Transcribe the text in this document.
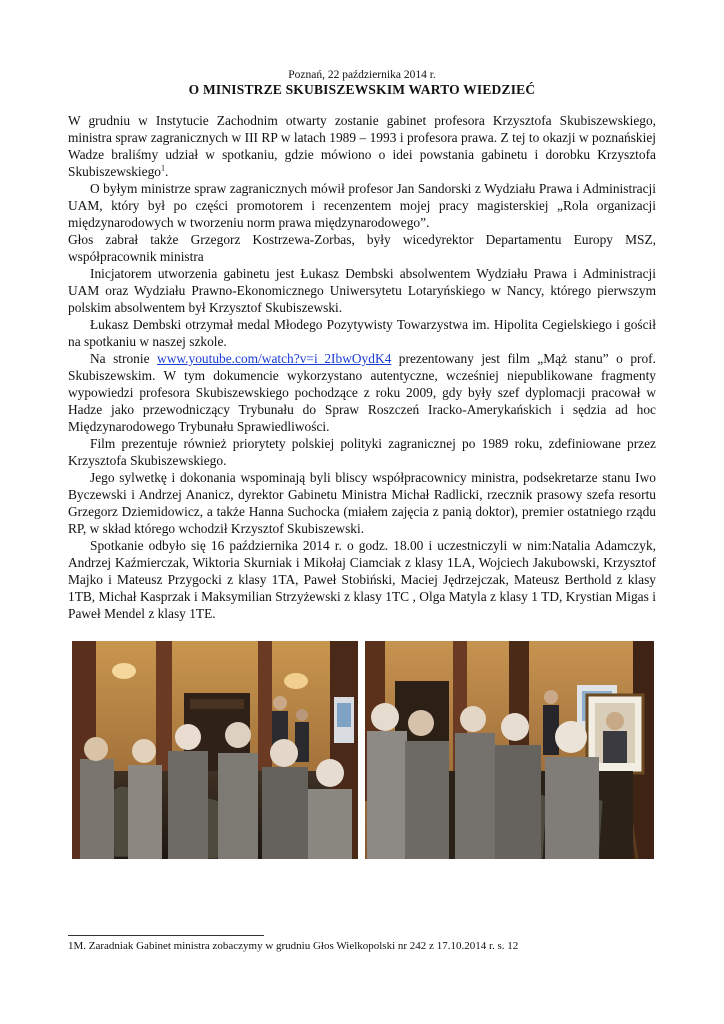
Poznań, 22 października 2014 r.

O MINISTRZE SKUBISZEWSKIM WARTO WIEDZIEĆ

W grudniu w Instytucie Zachodnim otwarty zostanie gabinet profesora Krzysztofa Skubiszewskiego, ministra spraw zagranicznych w III RP w latach 1989 – 1993 i profesora prawa. Z tej to okazji w poznańskiej Wadze braliśmy udział w spotkaniu, gdzie mówiono o idei powstania gabinetu i dorobku Krzysztofa Skubiszewskiego$^1$.

O byłym ministrze spraw zagranicznych mówił profesor Jan Sandorski z Wydziału Prawa i Administracji UAM, który był po części promotorem i recenzentem mojej pracy magisterskiej „Rola organizacji międzynarodowych w tworzeniu norm prawa międzynarodowego”.

Głos zabrał także Grzegorz Kostrzewa-Zorbas, były wicedyrektor Departamentu Europy MSZ, współpracownik ministra

Inicjatorem utworzenia gabinetu jest Łukasz Dembski absolwentem Wydziału Prawa i Administracji UAM oraz Wydziału Prawno-Ekonomicznego Uniwersytetu Lotaryńskiego w Nancy, którego pierwszym polskim absolwentem był Krzysztof Skubiszewski.

Łukasz Dembski otrzymał medal Młodego Pozytywisty Towarzystwa im. Hipolita Cegielskiego i gościł na spotkaniu w naszej szkole.

Na stronie www.youtube.com/watch?v=i_2IbwOydK4 prezentowany jest film „Mąż stanu” o prof. Skubiszewskim. W tym dokumencie wykorzystano autentyczne, wcześniej niepublikowane fragmenty wypowiedzi profesora Skubiszewskiego pochodzące z roku 2009, gdy były szef dyplomacji pracował w Hadze jako przewodniczący Trybunału do Spraw Roszczeń Iracko-Amerykańskich i sędzia ad hoc Międzynarodowego Trybunału Sprawiedliwości.

Film prezentuje również priorytety polskiej polityki zagranicznej po 1989 roku, zdefiniowane przez Krzysztofa Skubiszewskiego.

Jego sylwetkę i dokonania wspominają byli bliscy współpracownicy ministra, podsekretarze stanu Iwo Byczewski i Andrzej Ananicz, dyrektor Gabinetu Ministra Michał Radlicki, rzecznik prasowy szefa resortu Grzegorz Dziemidowicz, a także Hanna Suchocka (miałem zajęcia z panią doktor), premier ostatniego rządu RP, w skład którego wchodził Krzysztof Skubiszewski.

Spotkanie odbyło się 16 października 2014 r. o godz. 18.00 i uczestniczyli w nim:Natalia Adamczyk, Andrzej Kaźmierczak, Wiktoria Skurniak i Mikołaj Ciamciak z klasy 1LA, Wojciech Jakubowski, Krzysztof Majko i Mateusz Przygocki z klasy 1TA, Paweł Stobiński, Maciej Jędrzejczak, Mateusz Berthold z klasy 1TB, Michał Kasprzak i Maksymilian Strzyżewski z klasy 1TC , Olga Matyla z klasy 1 TD, Krystian Migas i Paweł Mendel z klasy 1TE.

1M. Zaradniak Gabinet ministra zobaczymy w grudniu Głos Wielkopolski nr 242 z 17.10.2014 r. s. 12
